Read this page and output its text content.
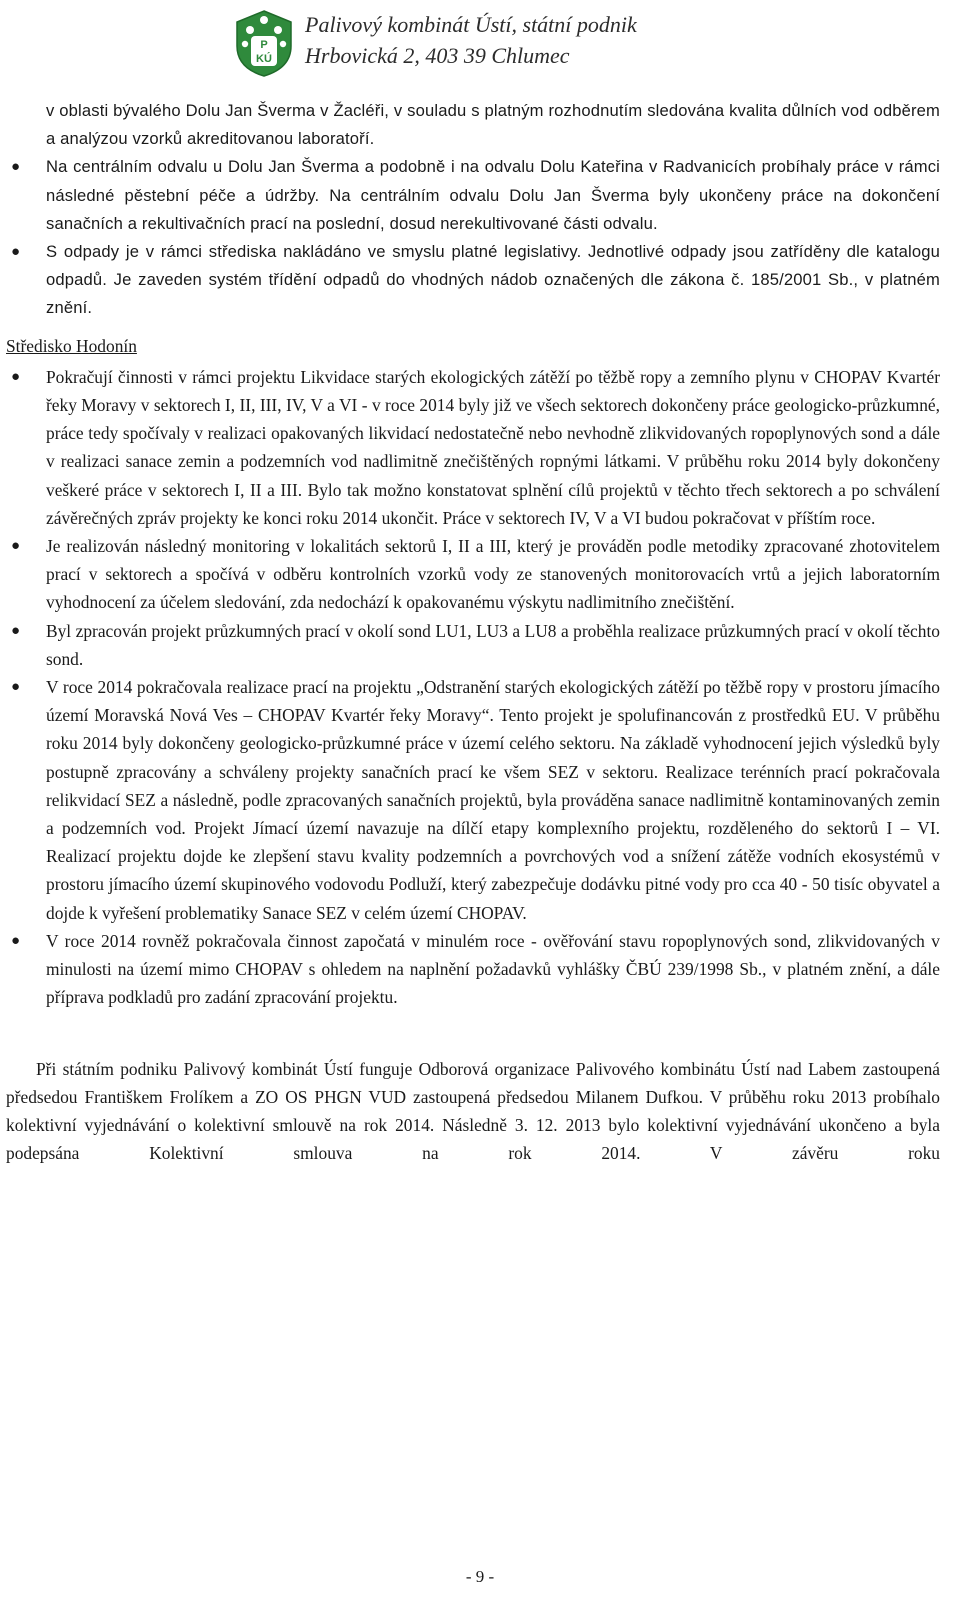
P
KÚ
Palivový kombinát Ústí, státní podnik
Hrbovická 2, 403 39 Chlumec
v oblasti bývalého Dolu Jan Šverma v Žacléři, v souladu s platným rozhodnutím sledována kvalita důlních vod odběrem a analýzou vzorků akreditovanou laboratoří.
● Na centrálním odvalu u Dolu Jan Šverma a podobně i na odvalu Dolu Kateřina v Radvanicích probíhaly práce v rámci následné pěstební péče a údržby. Na centrálním odvalu Dolu Jan Šverma byly ukončeny práce na dokončení sanačních a rekultivačních prací na poslední, dosud nerekultivované části odvalu.
● S odpady je v rámci střediska nakládáno ve smyslu platné legislativy. Jednotlivé odpady jsou zatříděny dle katalogu odpadů. Je zaveden systém třídění odpadů do vhodných nádob označených dle zákona č. 185/2001 Sb., v platném znění.
Středisko Hodonín
● Pokračují činnosti v rámci projektu Likvidace starých ekologických zátěží po těžbě ropy a zemního plynu v CHOPAV Kvartér řeky Moravy v sektorech I, II, III, IV, V a VI - v roce 2014 byly již ve všech sektorech dokončeny práce geologicko-průzkumné, práce tedy spočívaly v realizaci opakovaných likvidací nedostatečně nebo nevhodně zlikvidovaných ropoplynových sond a dále v realizaci sanace zemin a podzemních vod nadlimitně znečištěných ropnými látkami. V průběhu roku 2014 byly dokončeny veškeré práce v sektorech I, II a III. Bylo tak možno konstatovat splnění cílů projektů v těchto třech sektorech a po schválení závěrečných zpráv projekty ke konci roku 2014 ukončit. Práce v sektorech IV, V a VI budou pokračovat v příštím roce.
● Je realizován následný monitoring v lokalitách sektorů I, II a III, který je prováděn podle metodiky zpracované zhotovitelem prací v sektorech a spočívá v odběru kontrolních vzorků vody ze stanovených monitorovacích vrtů a jejich laboratorním vyhodnocení za účelem sledování, zda nedochází k opakovanému výskytu nadlimitního znečištění.
● Byl zpracován projekt průzkumných prací v okolí sond LU1, LU3 a LU8 a proběhla realizace průzkumných prací v okolí těchto sond.
● V roce 2014 pokračovala realizace prací na projektu „Odstranění starých ekologických zátěží po těžbě ropy v prostoru jímacího území Moravská Nová Ves – CHOPAV Kvartér řeky Moravy“. Tento projekt je spolufinancován z prostředků EU. V průběhu roku 2014 byly dokončeny geologicko-průzkumné práce v území celého sektoru. Na základě vyhodnocení jejich výsledků byly postupně zpracovány a schváleny projekty sanačních prací ke všem SEZ v sektoru. Realizace terénních prací pokračovala relikvidací SEZ a následně, podle zpracovaných sanačních projektů, byla prováděna sanace nadlimitně kontaminovaných zemin a podzemních vod. Projekt Jímací území navazuje na dílčí etapy komplexního projektu, rozděleného do sektorů I – VI. Realizací projektu dojde ke zlepšení stavu kvality podzemních a povrchových vod a snížení zátěže vodních ekosystémů v prostoru jímacího území skupinového vodovodu Podluží, který zabezpečuje dodávku pitné vody pro cca 40 - 50 tisíc obyvatel a dojde k vyřešení problematiky Sanace SEZ v celém území CHOPAV.
● V roce 2014 rovněž pokračovala činnost započatá v minulém roce - ověřování stavu ropoplynových sond, zlikvidovaných v minulosti na území mimo CHOPAV s ohledem na naplnění požadavků vyhlášky ČBÚ 239/1998 Sb., v platném znění, a dále příprava podkladů pro zadání zpracování projektu.
Při státním podniku Palivový kombinát Ústí funguje Odborová organizace Palivového kombinátu Ústí nad Labem zastoupená předsedou Františkem Frolíkem a ZO OS PHGN VUD zastoupená předsedou Milanem Dufkou. V průběhu roku 2013 probíhalo kolektivní vyjednávání o kolektivní smlouvě na rok 2014. Následně 3. 12. 2013 bylo kolektivní vyjednávání ukončeno a byla podepsána Kolektivní smlouva na rok 2014. V závěru roku
- 9 -
